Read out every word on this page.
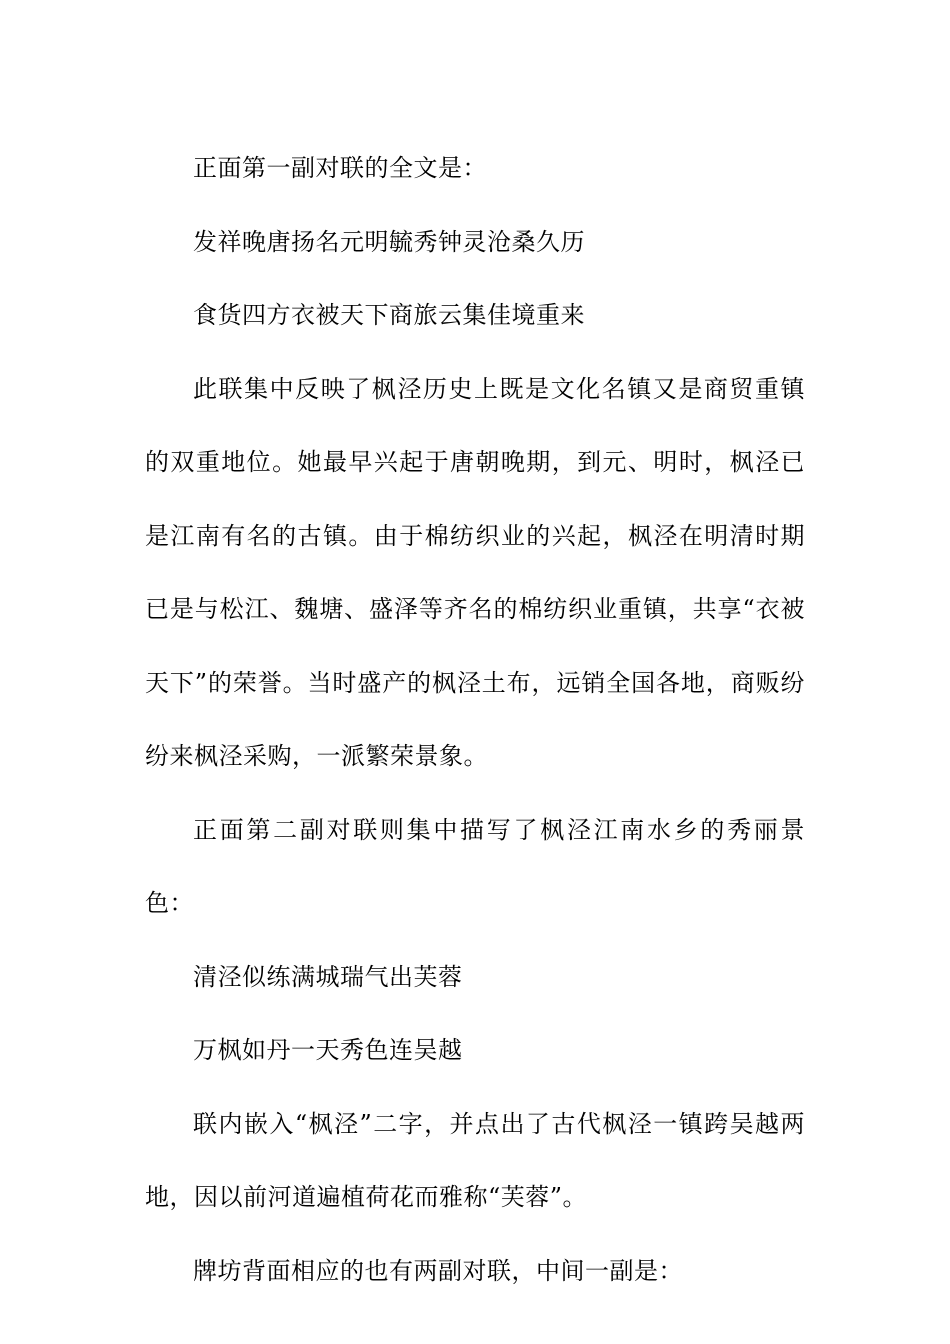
正面第一副对联的全文是：

发祥晚唐扬名元明毓秀钟灵沧桑久历

食货四方衣被天下商旅云集佳境重来

此联集中反映了枫泾历史上既是文化名镇又是商贸重镇的双重地位。她最早兴起于唐朝晚期，到元、明时，枫泾已是江南有名的古镇。由于棉纺织业的兴起，枫泾在明清时期已是与松江、魏塘、盛泽等齐名的棉纺织业重镇，共享“衣被天下”的荣誉。当时盛产的枫泾土布，远销全国各地，商贩纷纷来枫泾采购，一派繁荣景象。

正面第二副对联则集中描写了枫泾江南水乡的秀丽景色：

清泾似练满城瑞气出芙蓉

万枫如丹一天秀色连吴越

联内嵌入“枫泾”二字，并点出了古代枫泾一镇跨吴越两地，因以前河道遍植荷花而雅称“芙蓉”。

牌坊背面相应的也有两副对联，中间一副是：
